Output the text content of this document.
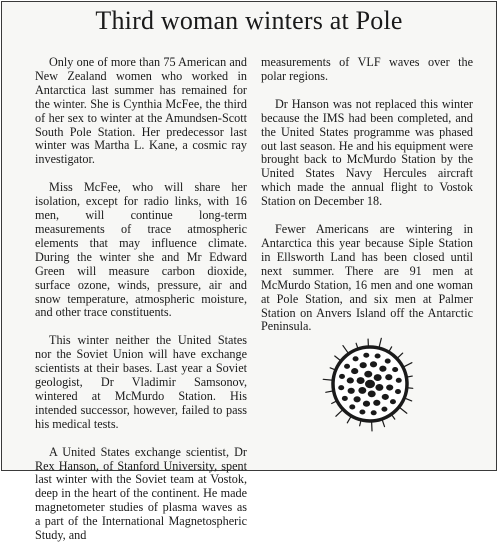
Third woman winters at Pole

Only one of more than 75 American and New Zealand women who worked in Antarctica last summer has remained for the winter. She is Cynthia McFee, the third of her sex to winter at the Amundsen-Scott South Pole Station. Her predecessor last winter was Martha L. Kane, a cosmic ray investigator.

Miss McFee, who will share her isolation, except for radio links, with 16 men, will continue long-term measurements of trace atmospheric elements that may influence climate. During the winter she and Mr Edward Green will measure carbon dioxide, surface ozone, winds, pressure, air and snow temperature, atmospheric moisture, and other trace constituents.

This winter neither the United States nor the Soviet Union will have exchange scientists at their bases. Last year a Soviet geologist, Dr Vladimir Samsonov, wintered at McMurdo Station. His intended successor, however, failed to pass his medical tests.

A United States exchange scientist, Dr Rex Hanson, of Stanford University, spent last winter with the Soviet team at Vostok, deep in the heart of the continent. He made magnetometer studies of plasma waves as a part of the International Magnetospheric Study, and

measurements of VLF waves over the polar regions.

Dr Hanson was not replaced this winter because the IMS had been completed, and the United States programme was phased out last season. He and his equipment were brought back to McMurdo Station by the United States Navy Hercules aircraft which made the annual flight to Vostok Station on December 18.

Fewer Americans are wintering in Antarctica this year because Siple Station in Ellsworth Land has been closed until next summer. There are 91 men at McMurdo Station, 16 men and one woman at Pole Station, and six men at Palmer Station on Anvers Island off the Antarctic Peninsula.
